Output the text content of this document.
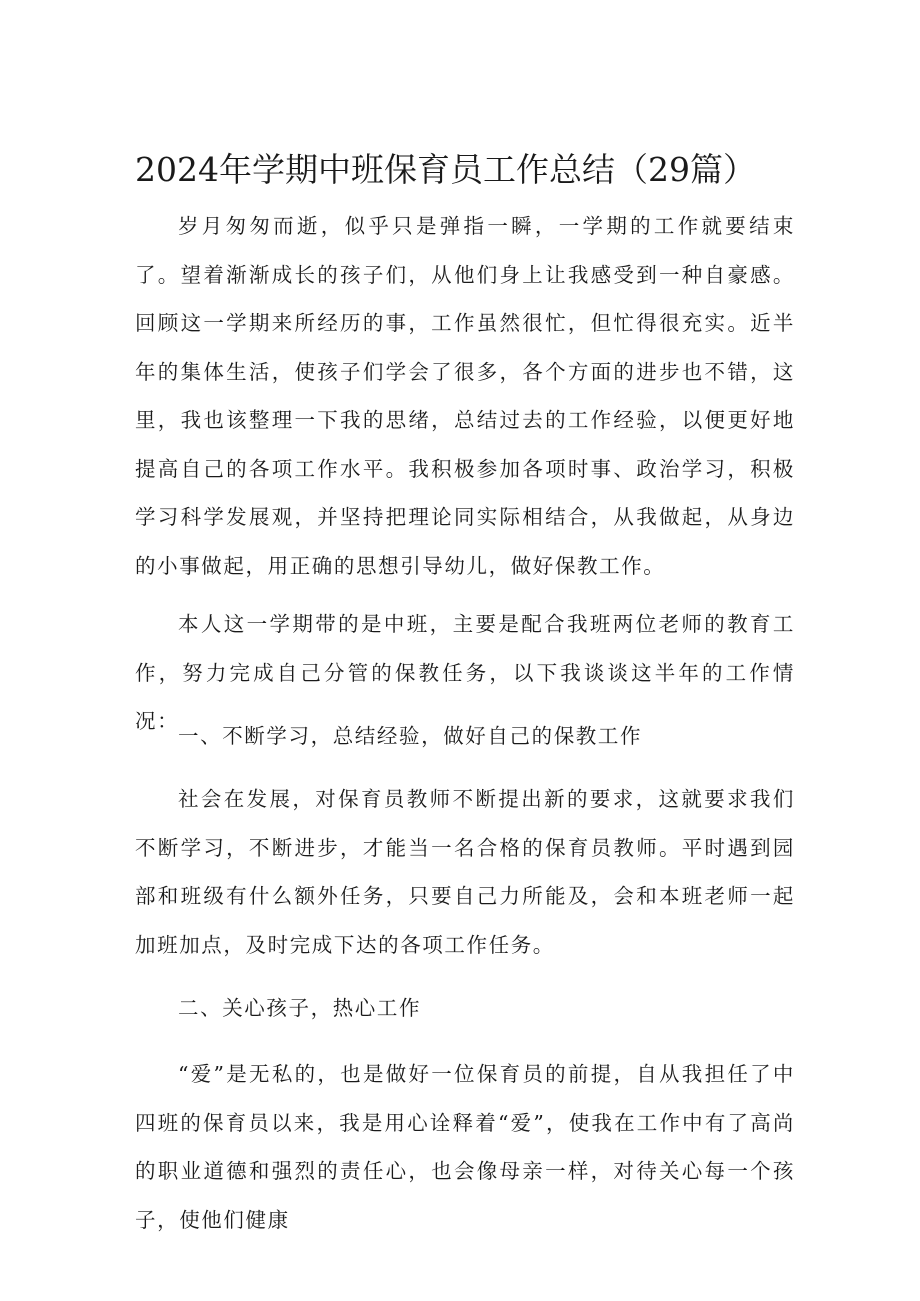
2024年学期中班保育员工作总结（29篇）

岁月匆匆而逝，似乎只是弹指一瞬，一学期的工作就要结束了。望着渐渐成长的孩子们，从他们身上让我感受到一种自豪感。回顾这一学期来所经历的事，工作虽然很忙，但忙得很充实。近半年的集体生活，使孩子们学会了很多，各个方面的进步也不错，这里，我也该整理一下我的思绪，总结过去的工作经验，以便更好地提高自己的各项工作水平。我积极参加各项时事、政治学习，积极学习科学发展观，并坚持把理论同实际相结合，从我做起，从身边的小事做起，用正确的思想引导幼儿，做好保教工作。

本人这一学期带的是中班，主要是配合我班两位老师的教育工作，努力完成自己分管的保教任务，以下我谈谈这半年的工作情况：

一、不断学习，总结经验，做好自己的保教工作

社会在发展，对保育员教师不断提出新的要求，这就要求我们不断学习，不断进步，才能当一名合格的保育员教师。平时遇到园部和班级有什么额外任务，只要自己力所能及，会和本班老师一起加班加点，及时完成下达的各项工作任务。

二、关心孩子，热心工作

“爱”是无私的，也是做好一位保育员的前提，自从我担任了中四班的保育员以来，我是用心诠释着“爱”，使我在工作中有了高尚的职业道德和强烈的责任心，也会像母亲一样，对待关心每一个孩子，使他们健康
